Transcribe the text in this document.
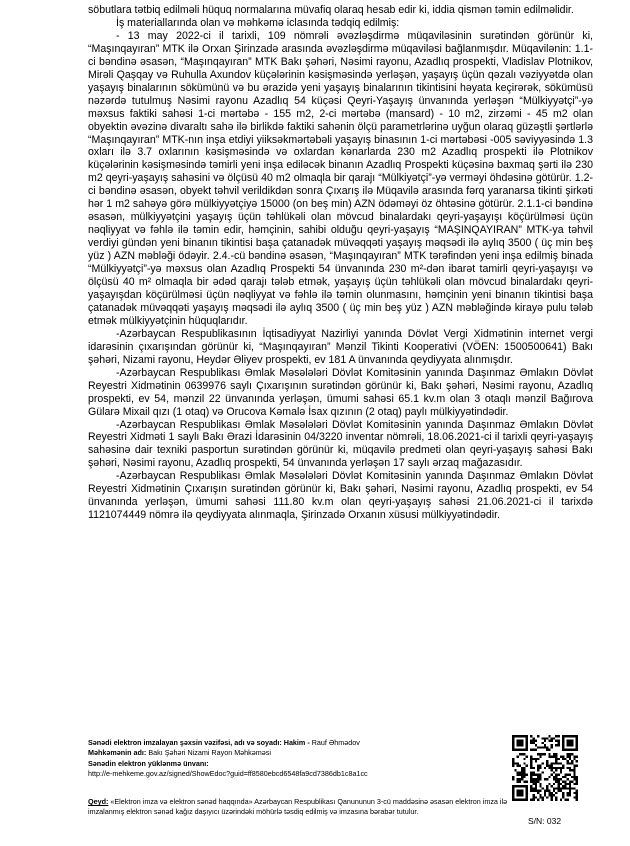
söbutlara tətbiq edilməli hüquq normalarına müvafiq olaraq hesab edir ki, iddia qismən təmin edilməlidir.

İş materiallarında olan və məhkəmə iclasında tədqiq edilmiş:

- 13 may 2022-ci il tarixli, 109 nömrəli əvəzləşdirmə müqaviləsinin surətindən görünür ki, “Maşınqayıran” MTK ilə Orxan Şirinzadə arasında əvəzləşdirmə müqaviləsi bağlanmışdır. Müqavilənin: 1.1-ci bəndinə əsasən, “Maşınqayıran” MTK Bakı şəhəri, Nəsimi rayonu, Azadlıq prospekti, Vladislav Plotnikov, Mirəli Qaşqay və Ruhulla Axundov küçələrinin kəsişməsində yerləşən, yaşayış üçün qəzalı vəziyyətdə olan yaşayış binalarının sökümünü və bu ərazidə yeni yaşayış binalarının tikintisini həyata keçirərək, sökümüsü nəzərdə tutulmuş Nəsimi rayonu Azadlıq 54 küçəsi Qeyri-Yaşayış ünvanında yerləşən “Mülkiyyətçi”-yə məxsus faktiki sahəsi 1-ci mərtəbə - 155 m2, 2-ci mərtəbə (mansard) - 10 m2, zirzəmi - 45 m2 olan obyektin əvəzinə divaraltı sahə ilə birlikdə faktiki sahənin ölçü parametrlərinə uyğun olaraq güzəştli şərtlərlə “Maşınqayıran” MTK-nın inşa etdiyi yiiksəkmərtəbəli yaşayış binasının 1-ci mərtəbəsi -005 səviyyəsində 1.3 oxları ilə 3.7 oxlarının kəsişməsində və oxlardan kənarlarda 230 m2 Azadlıq prospekti ilə Plotnikov küçələrinin kəsişməsində təmirli yeni inşa ediləcək binanın Azadlıq Prospekti küçəsinə baxmaq şərti ilə 230 m2 qeyri-yaşayış sahəsini və ölçüsü 40 m2 olmaqla bir qarajı “Mülkiyətçi”-yə verməyi öhdəsinə götürür. 1.2-ci bəndinə əsasən, obyekt təhvil verildikdən sonra Çıxarış ilə Müqavilə arasında fərq yaranarsa tikinti şirkəti hər 1 m2 sahəyə görə mülkiyyətçiyə 15000 (on beş min) AZN ödəməyi öz öhtəsinə götürür. 2.1.1-ci bəndinə əsasən, mülkiyyətçini yaşayış üçün təhlükəli olan mövcud binalardakı qeyri-yaşayışı köçürülməsi üçün nəqliyyat və fəhlə ilə təmin edir, həmçinin, sahibi olduğu qeyri-yaşayış “MAŞINQAYIRAN” MTK-ya təhvil verdiyi gündən yeni binanın tikintisi başa çatanadək müvəqqəti yaşayış məqsədi ilə aylıq 3500 ( üç min beş yüz ) AZN məbləği ödəyir. 2.4.-cü bəndinə əsasən, “Maşınqayıran” MTK tərəfindən yeni inşa edilmiş binada “Mülkiyyətçi”-yə məxsus olan Azadlıq Prospekti 54 ünvanında 230 m²-dən ibarət tamirli qeyri-yaşayışı və ölçüsü 40 m² olmaqla bir ədəd qarajı tələb etmək, yaşayış üçün təhlükəli olan mövcud binalardakı qeyri-yaşayışdan köçürülməsi üçün nəqliyyat və fəhlə ilə təmin olunmasını, həmçinin yeni binanın tikintisi başa çatanadək müvəqqəti yaşayış məqsədi ilə aylıq 3500 ( üç min beş yüz ) AZN məbləğində kirayə pulu tələb etmək mülkiyyətçinin hüquqlarıdır.

-Azərbaycan Respublikasının İqtisadiyyat Nazirliyi yanında Dövlət Vergi Xidmətinin internet vergi idarəsinin çıxarışından görünür ki, “Maşınqayıran” Mənzil Tikinti Kooperativi (VÖEN: 1500500641) Bakı şəhəri, Nizami rayonu, Heydər Əliyev prospekti, ev 181 A ünvanında qeydiyyata alınmışdır.

-Azərbaycan Respublikası Əmlak Məsələləri Dövlət Komitəsinin yanında Daşınmaz Əmlakın Dövlət Reyestri Xidmətinin 0639976 saylı Çıxarışının surətindən görünür ki, Bakı şəhəri, Nəsimi rayonu, Azadlıq prospekti, ev 54, mənzil 22 ünvanında yerləşən, ümumi sahəsi 65.1 kv.m olan 3 otaqlı mənzil Bağırova Gülarə Mixail qızı (1 otaq) və Orucova Kəmalə İsax qızının (2 otaq) paylı mülkiyyətindədir.

-Azərbaycan Respublikası Əmlak Məsələləri Dövlət Komitəsinin yanında Daşınmaz Əmlakın Dövlət Reyestri Xidməti 1 saylı Bakı Ərazi İdarəsinin 04/3220 inventar nömrəli, 18.06.2021-ci il tarixli qeyri-yaşayış sahəsinə dair texniki pasportun surətindən görünür ki, müqavilə predmeti olan qeyri-yaşayış sahəsi Bakı şəhəri, Nəsimi rayonu, Azadlıq prospekti, 54 ünvanında yerləşən 17 saylı ərzaq mağazasıdır.

-Azərbaycan Respublikası Əmlak Məsələləri Dövlət Komitəsinin yanında Daşınmaz Əmlakın Dövlət Reyestri Xidmətinin Çıxarışın surətindən görünür ki, Bakı şəhəri, Nəsimi rayonu, Azadlıq prospekti, ev 54 ünvanında yerləşən, ümumi sahəsi 111.80 kv.m olan qeyri-yaşayış sahəsi 21.06.2021-ci il tarixdə 1121074449 nömrə ilə qeydiyyata alınmaqla, Şirinzadə Orxanın xüsusi mülkiyyətindədir.

Sənədi elektron imzalayan şəxsin vəzifəsi, adı və soyadı: Hakim - Rauf Əhmədov
Məhkəmənin adı: Bakı Şəhəri Nizami Rayon Məhkəməsi
Sənədin elektron yüklənmə ünvanı:
http://e-mehkeme.gov.az/signed/ShowEdoc?guid=ff8580ebcd6548fa9cd7386db1c8a1cc
Qeyd: «Elektron imza və elektron sənəd haqqında» Azərbaycan Respublikası Qanununun 3-cü maddəsinə əsasən elektron imza ilə imzalanmış elektron sənəd kağız daşıyıcı üzərindəki möhürlə təsdiq edilmiş və imzasına bərabər tutulur.
S/N: 032
